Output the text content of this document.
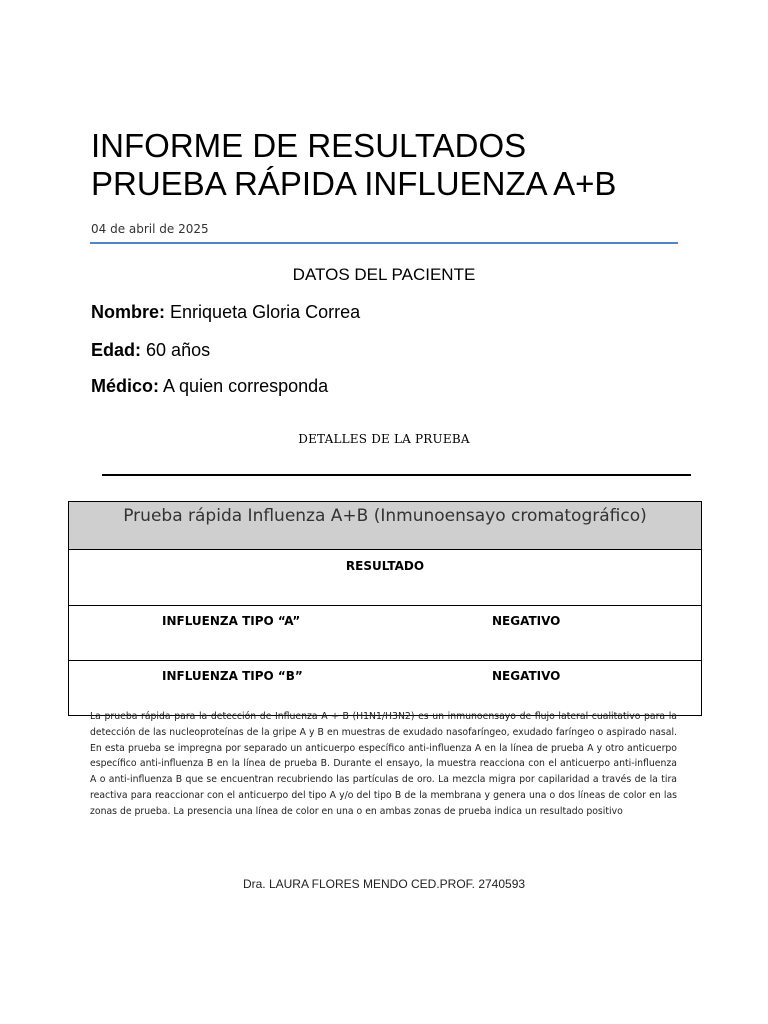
INFORME DE RESULTADOS
PRUEBA RÁPIDA INFLUENZA A+B
04 de abril de 2025
DATOS DEL PACIENTE
Nombre: Enriqueta Gloria Correa
Edad: 60 años
Médico: A quien corresponda
DETALLES DE LA PRUEBA
Prueba rápida Influenza A+B (Inmunoensayo cromatográfico)
RESULTADO

INFLUENZA TIPO “A”	NEGATIVO

INFLUENZA TIPO “B”	NEGATIVO

La prueba rápida para la detección de Influenza A + B (H1N1/H3N2) es un inmunoensayo de flujo lateral cualitativo para la detección de las nucleoproteínas de la gripe A y B en muestras de exudado nasofaríngeo, exudado faríngeo o aspirado nasal. En esta prueba se impregna por separado un anticuerpo específico anti-influenza A en la línea de prueba A y otro anticuerpo específico anti-influenza B en la línea de prueba B. Durante el ensayo, la muestra reacciona con el anticuerpo anti-influenza A o anti-influenza B que se encuentran recubriendo las partículas de oro. La mezcla migra por capilaridad a través de la tira reactiva para reaccionar con el anticuerpo del tipo A y/o del tipo B de la membrana y genera una o dos líneas de color en las zonas de prueba. La presencia una línea de color en una o en ambas zonas de prueba indica un resultado positivo

Dra. LAURA FLORES MENDO CED.PROF. 2740593
